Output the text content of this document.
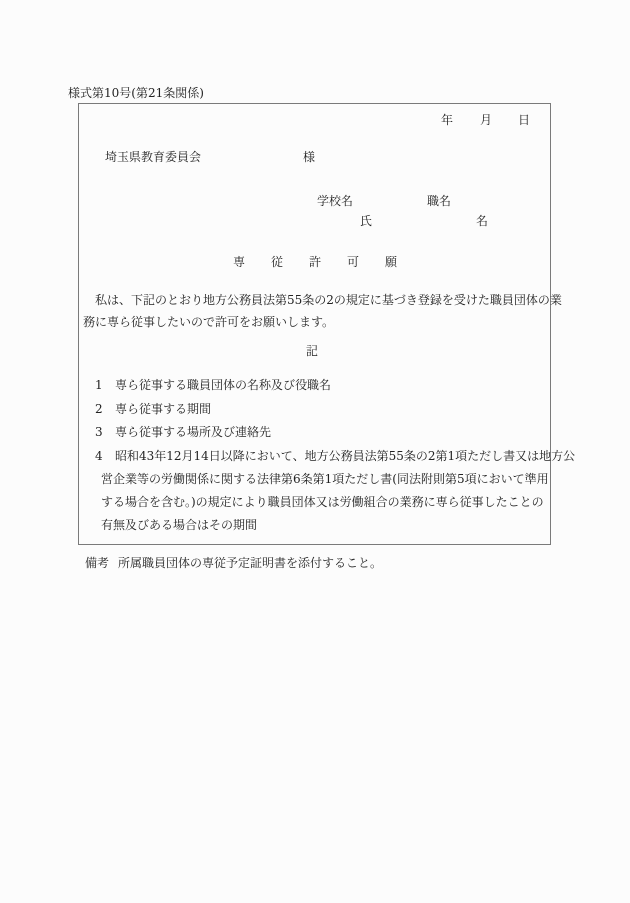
様式第10号(第21条関係)
年 月 日
埼玉県教育委員会	様
学校名	職名
氏	名
専従許可願
私は、下記のとおり地方公務員法第55条の2の規定に基づき登録を受けた職員団体の業
務に専ら従事したいので許可をお願いします。
記
1 専ら従事する職員団体の名称及び役職名
2 専ら従事する期間
3 専ら従事する場所及び連絡先
4 昭和43年12月14日以降において、地方公務員法第55条の2第1項ただし書又は地方公
営企業等の労働関係に関する法律第6条第1項ただし書(同法附則第5項において準用
する場合を含む。)の規定により職員団体又は労働組合の業務に専ら従事したことの
有無及びある場合はその期間
備考 所属職員団体の専従予定証明書を添付すること。
